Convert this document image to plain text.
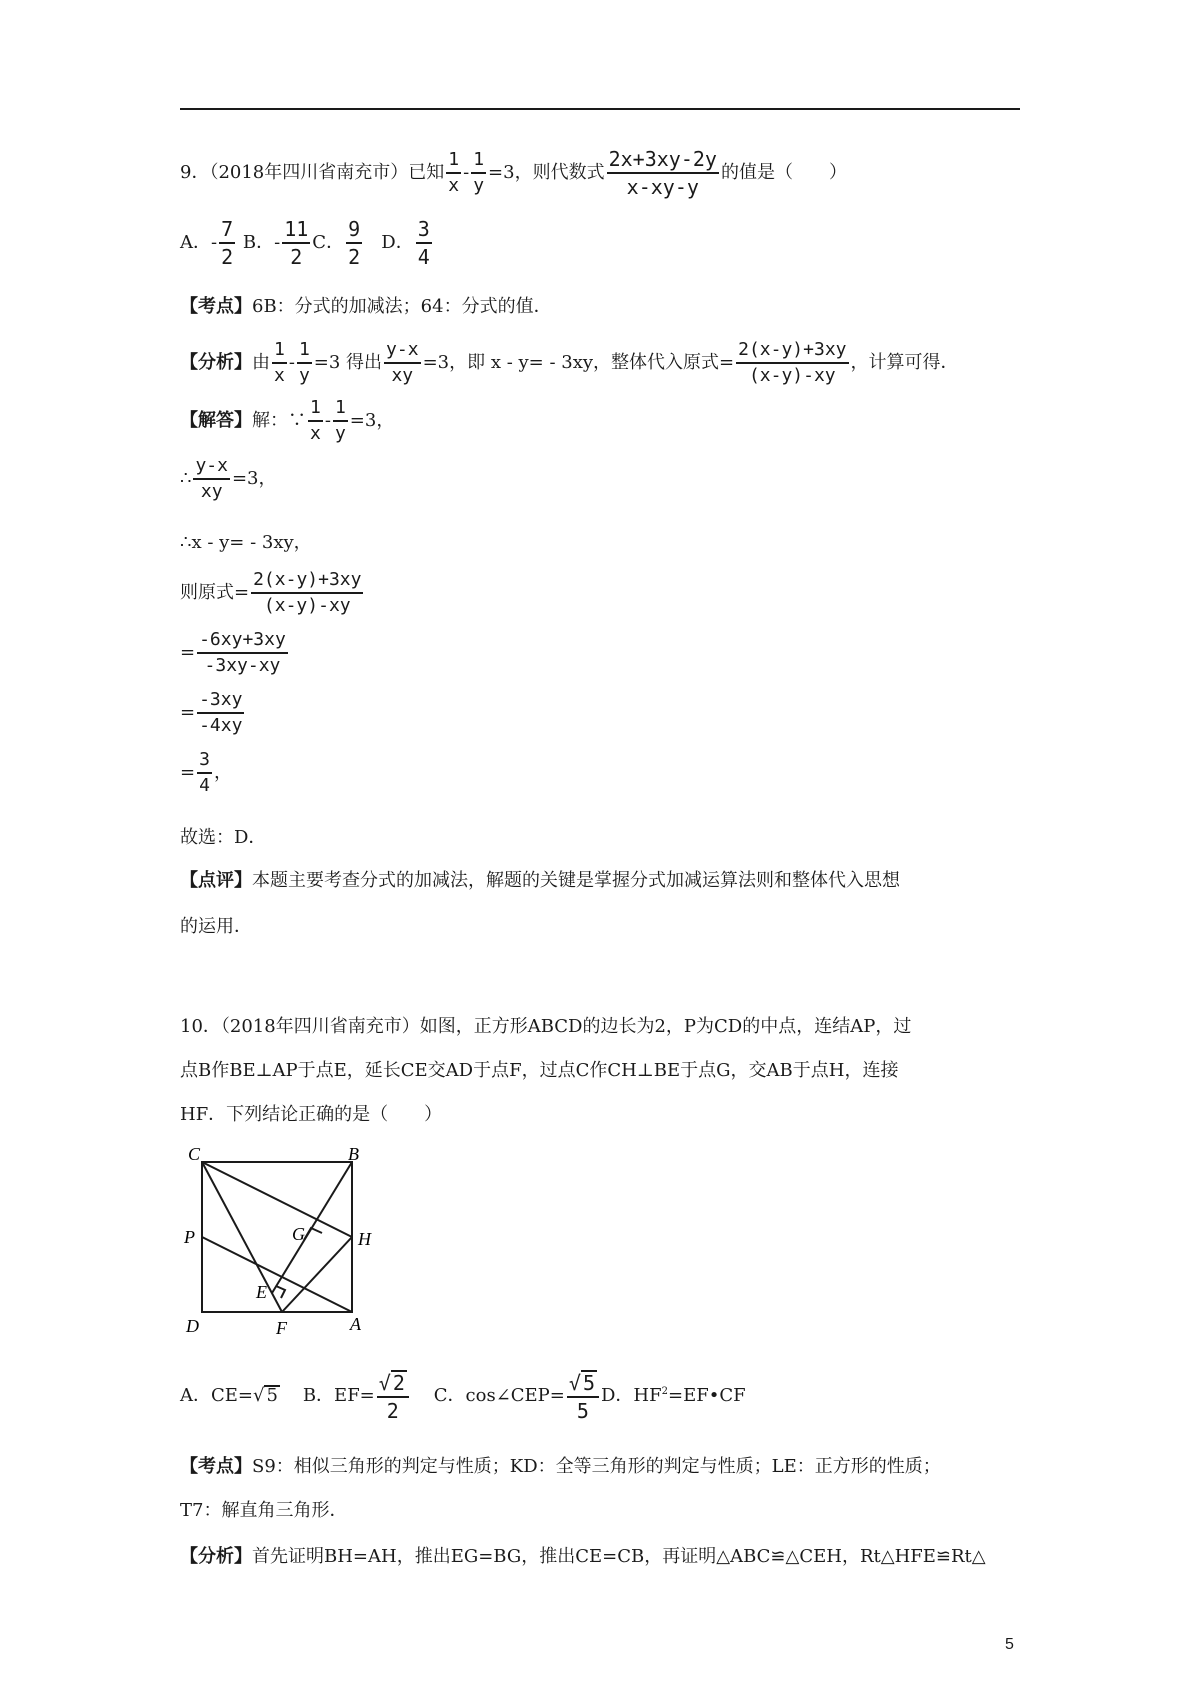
9．（2018年四川省南充市）已知 $\frac{1}{x} - \frac{1}{y} =3$，则代数式 $\frac{2x+3xy-2y}{x-xy-y}$ 的值是（　　）
A．- $\frac{7}{2}$ B．- $\frac{11}{2}$ C． $\frac{9}{2}$ D． $\frac{3}{4}$
【考点】6B：分式的加减法；64：分式的值．
【分析】由 $\frac{1}{x} - \frac{1}{y} =3$ 得出 $\frac{y-x}{xy} =3$，即 x - y= - 3xy，整体代入原式= $\frac{2(x-y)+3xy}{(x-y)-xy}$ ，计算可得．
【解答】解：∵ $\frac{1}{x} - \frac{1}{y} =3$，
∴ $\frac{y-x}{xy} =3$，
∴x - y= - 3xy，
则原式= $\frac{2(x-y)+3xy}{(x-y)-xy}$
= $\frac{-6xy+3xy}{-3xy-xy}$
= $\frac{-3xy}{-4xy}$
= $\frac{3}{4}$ ，
故选：D．
【点评】本题主要考查分式的加减法，解题的关键是掌握分式加减运算法则和整体代入思想
的运用．
10．（2018年四川省南充市）如图，正方形ABCD的边长为2，P为CD的中点，连结AP，过
点B作BE⊥AP于点E，延长CE交AD于点F，过点C作CH⊥BE于点G，交AB于点H，连接
HF．下列结论正确的是（　　）
C	B
G	H
P
E
D	F	A
A．CE=√ 5 B．$EF= \frac{√ 2}{2}$ C．cos∠CEP= $\frac{√ 5}{5}$ D．$HF^2=EF•CF$
【考点】S9：相似三角形的判定与性质；KD：全等三角形的判定与性质；LE：正方形的性质；
T7：解直角三角形．
【分析】首先证明BH=AH，推出EG=BG，推出CE=CB，再证明△ABC≌△CEH，Rt△HFE≌Rt△
5
